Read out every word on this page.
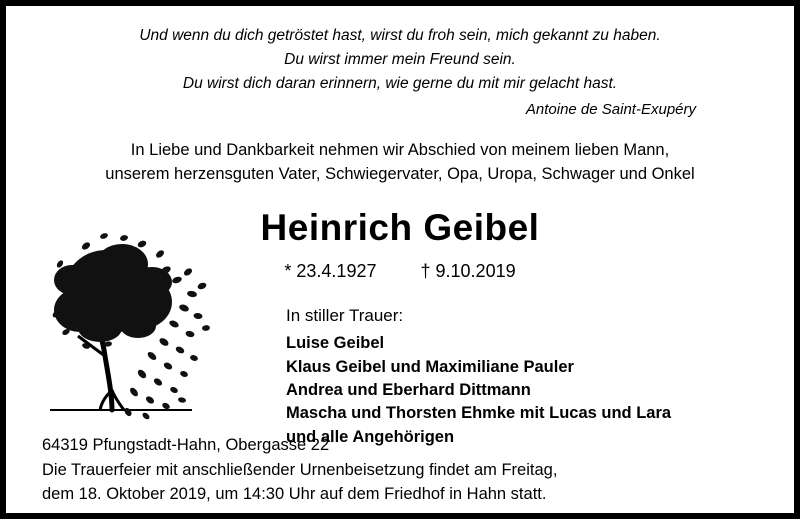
Und wenn du dich getröstet hast, wirst du froh sein, mich gekannt zu haben.
Du wirst immer mein Freund sein.
Du wirst dich daran erinnern, wie gerne du mit mir gelacht hast.
Antoine de Saint-Exupéry
In Liebe und Dankbarkeit nehmen wir Abschied von meinem lieben Mann,
unserem herzensguten Vater, Schwiegervater, Opa, Uropa, Schwager und Onkel
Heinrich Geibel
* 23.4.1927 † 9.10.2019
In stiller Trauer:
Luise Geibel
Klaus Geibel und Maximiliane Pauler
Andrea und Eberhard Dittmann
Mascha und Thorsten Ehmke mit Lucas und Lara
und alle Angehörigen
64319 Pfungstadt-Hahn, Obergasse 22
Die Trauerfeier mit anschließender Urnenbeisetzung findet am Freitag,
dem 18. Oktober 2019, um 14:30 Uhr auf dem Friedhof in Hahn statt.
